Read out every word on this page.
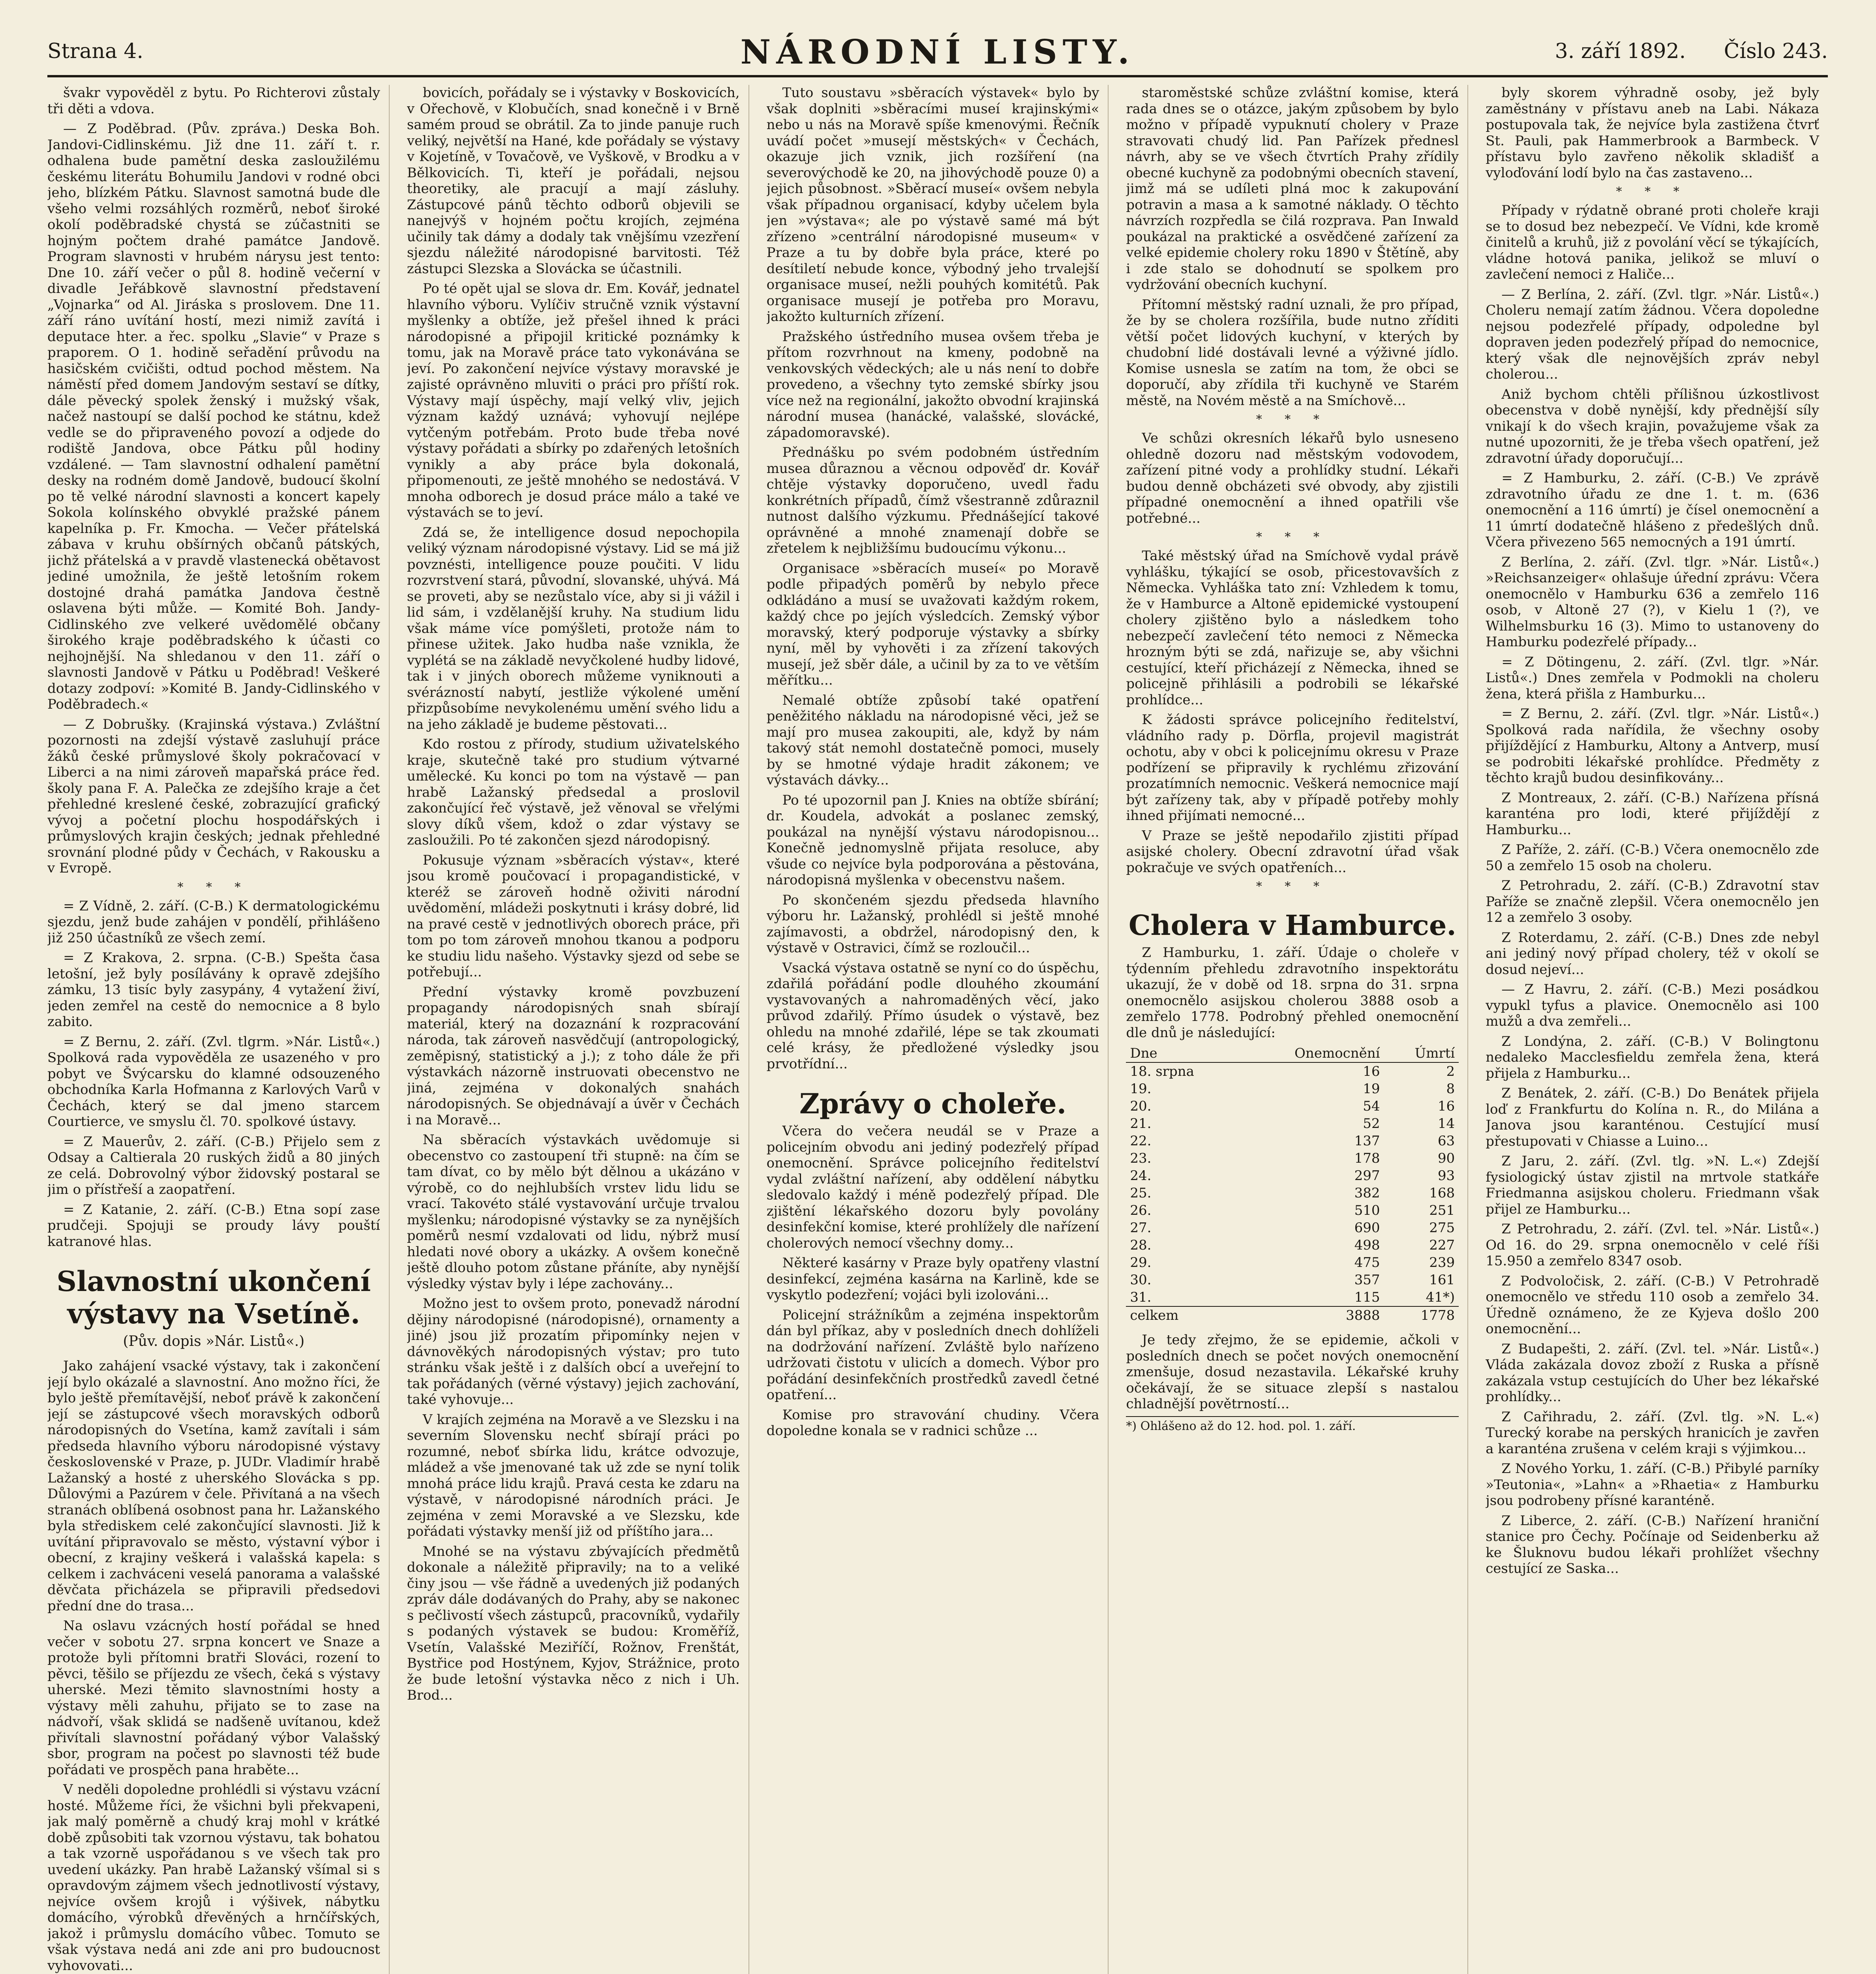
Strana 4.	NÁRODNÍ LISTY.	3. září 1892. Číslo 243.

švakr vypověděl z bytu. Po Richterovi zůstaly tři děti a vdova.

— Z Poděbrad. (Pův. zpráva.) Deska Boh. Jandovi-Cidlinskému. Již dne 11. září t. r. odhalena bude pamětní deska zasloužilému českému literátu Bohumilu Jandovi v rodné obci jeho, blízkém Pátku. Slavnost samotná bude dle všeho velmi rozsáhlých rozměrů, neboť široké okolí poděbradské chystá se zúčastniti se hojným počtem drahé památce Jandově. Program slavnosti v hrubém nárysu jest tento: Dne 10. září večer o půl 8. hodině večerní v divadle Jeřábkově slavnostní představení „Vojnarka“ od Al. Jiráska s proslovem. Dne 11. září ráno uvítání hostí, mezi nimiž zavítá i deputace hter. a řec. spolku „Slavie“ v Praze s praporem. O 1. hodině seřadění průvodu na hasičském cvičišti, odtud pochod městem. Na náměstí před domem Jandovým sestaví se dítky, dále pěvecký spolek ženský i mužský však, načež nastoupí se další pochod ke státnu, kdež vedle se do připraveného povozí a odjede do rodiště Jandova, obce Pátku půl hodiny vzdálené. — Tam slavnostní odhalení pamětní desky na rodném domě Jandově, budoucí školní po tě velké národní slavnosti a koncert kapely Sokola kolínského obvyklé pražské pánem kapelníka p. Fr. Kmocha. — Večer přátelská zábava v kruhu obšírných občanů pátských, jichž přátelská a v pravdě vlastenecká obětavost jediné umožnila, že ještě letošním rokem dostojné drahá památka Jandova čestně oslavena býti může. — Komité Boh. Jandy-Cidlinského zve velkeré uvědomělé občany širokého kraje poděbradského k účasti co nejhojnější. Na shledanou v den 11. září o slavnosti Jandově v Pátku u Poděbrad! Veškeré dotazy zodpoví: »Komité B. Jandy-Cidlinského v Poděbradech.«

— Z Dobrušky. (Krajinská výstava.) Zvláštní pozornosti na zdejší výstavě zasluhují práce žáků české průmyslové školy pokračovací v Liberci a na nimi zároveň mapařská práce řed. školy pana F. A. Palečka ze zdejšího kraje a čet přehledné kreslené české, zobrazující grafický vývoj a početní plochu hospodářských i průmyslových krajin českých; jednak přehledné srovnání plodné půdy v Čechách, v Rakousku a v Evropě.

* * *

= Z Vídně, 2. září. (C-B.) K dermatologickému sjezdu, jenž bude zahájen v pondělí, přihlášeno již 250 účastníků ze všech zemí.

= Z Krakova, 2. srpna. (C-B.) Spešta časa letošní, jež byly posílávány k opravě zdejšího zámku, 13 tisíc byly zasypány, 4 vytažení živí, jeden zemřel na cestě do nemocnice a 8 bylo zabito.

= Z Bernu, 2. září. (Zvl. tlgrm. »Nár. Listů«.) Spolková rada vypověděla ze usazeného v pro pobyt ve Švýcarsku do klamné odsouzeného obchodníka Karla Hofmanna z Karlových Varů v Čechách, který se dal jmeno starcem Courtierce, ve smyslu čl. 70. spolkové ústavy.

= Z Mauerův, 2. září. (C-B.) Přijelo sem z Odsay a Caltierala 20 ruských židů a 80 jiných ze celá. Dobrovolný výbor židovský postaral se jim o přístřeší a zaopatření.

= Z Katanie, 2. září. (C-B.) Etna sopí zase prudčeji. Spojuji se proudy lávy pouští katranové hlas.

Slavnostní ukončení výstavy na Vsetíně.
(Pův. dopis »Nár. Listů«.)

Jako zahájení vsacké výstavy, tak i zakončení její bylo okázalé a slavnostní. Ano možno říci, že bylo ještě přemítavější, neboť právě k zakončení její se zástupcové všech moravských odborů národopisných do Vsetína, kamž zavítali i sám předseda hlavního výboru národopisné výstavy československé v Praze, p. JUDr. Vladimír hrabě Lažanský a hosté z uherského Slovácka s pp. Důlovými a Pazúrem v čele. Přivítaná a na všech stranách oblíbená osobnost pana hr. Lažanského byla střediskem celé zakončující slavnosti. Již k uvítání připravovalo se město, výstavní výbor i obecní, z krajiny veškerá i valašská kapela: s celkem i zachváceni veselá panorama a valašské děvčata přicházela se připravili předsedovi přední dne do trasa...

Na oslavu vzácných hostí pořádal se hned večer v sobotu 27. srpna koncert ve Snaze a protože byli přítomni bratři Slováci, rození to pěvci, těšilo se příjezdu ze všech, čeká s výstavy uherské. Mezi těmito slavnostními hosty a výstavy měli zahuhu, přijato se to zase na nádvoří, však sklidá se nadšeně uvítanou, kdež přivítali slavnostní pořádaný výbor Valašský sbor, program na počest po slavnosti též bude pořádati ve prospěch pana hraběte...

V neděli dopoledne prohlédli si výstavu vzácní hosté. Můžeme říci, že všichni byli překvapeni, jak malý poměrně a chudý kraj mohl v krátké době způsobiti tak vzornou výstavu, tak bohatou a tak vzorně uspořádanou s ve všech tak pro uvedení ukázky. Pan hrabě Lažanský všímal si s opravdovým zájmem všech jednotlivostí výstavy, nejvíce ovšem krojů i výšivek, nábytku domácího, výrobků dřevěných a hrnčířských, jakož i průmyslu domácího vůbec. Tomuto se však výstava nedá ani zde ani pro budoucnost vyhovovati...

bovicích, pořádaly se i výstavky v Boskovicích, v Ořechově, v Klobučích, snad konečně i v Brně samém proud se obrátil. Za to jinde panuje ruch veliký, největší na Hané, kde pořádaly se výstavy v Kojetíně, v Tovačově, ve Vyškově, v Brodku a v Bělkovicích. Ti, kteří je pořádali, nejsou theoretiky, ale pracují a mají zásluhy. Zástupcové pánů těchto odborů objevili se nanejvýš v hojném počtu krojích, zejména učinily tak dámy a dodaly tak vnějšímu vzezření sjezdu náležité národopisné barvitosti. Též zástupci Slezska a Slovácka se účastnili.

Po té opět ujal se slova dr. Em. Kovář, jednatel hlavního výboru. Vylíčiv stručně vznik výstavní myšlenky a obtíže, jež přešel ihned k práci národopisné a připojil kritické poznámky k tomu, jak na Moravě práce tato vykonávána se jeví. Po zakončení nejvíce výstavy moravské je zajisté oprávněno mluviti o práci pro příští rok. Výstavy mají úspěchy, mají velký vliv, jejich význam každý uznává; vyhovují nejlépe vytčeným potřebám. Proto bude třeba nové výstavy pořádati a sbírky po zdařených letošních vynikly a aby práce byla dokonalá, připomenouti, ze ještě mnohého se nedostává. V mnoha odborech je dosud práce málo a také ve výstavách se to jeví.

Zdá se, že intelligence dosud nepochopila veliký význam národopisné výstavy. Lid se má již povznésti, intelligence pouze poučiti. V lidu rozvrstvení stará, původní, slovanské, uhývá. Má se proveti, aby se nezůstalo více, aby si ji vážil i lid sám, i vzdělanější kruhy. Na studium lidu však máme více pomýšleti, protože nám to přinese užitek. Jako hudba naše vznikla, že vyplétá se na základě nevyčkolené hudby lidové, tak i v jiných oborech můžeme vyniknouti a svérázností nabytí, jestliže výkolené umění přizpůsobíme nevykolenému umění svého lidu a na jeho základě je budeme pěstovati...

Kdo rostou z přírody, studium uživatelského kraje, skutečně také pro studium výtvarné umělecké. Ku konci po tom na výstavě — pan hrabě Lažanský předsedal a proslovil zakončující řeč výstavě, jež věnoval se vřelými slovy díků všem, kdož o zdar výstavy se zasloužili. Po té zakončen sjezd národopisný.

Pokusuje význam »sběracích výstav«, které jsou kromě poučovací i propagandistické, v kteréž se zároveň hodně oživiti národní uvědomění, mládeži poskytnuti i krásy dobré, lid na pravé cestě v jednotlivých oborech práce, při tom po tom zároveň mnohou tkanou a podporu ke studiu lidu našeho. Výstavky sjezd od sebe se potřebují...

Přední výstavky kromě povzbuzení propagandy národopisných snah sbírají materiál, který na dozaznání k rozpracování národa, tak zároveň nasvědčují (antropologický, zeměpisný, statistický a j.); z toho dále že při výstavkách názorně instruovati obecenstvo ne jiná, zejména v dokonalých snahách národopisných. Se objednávají a úvěr v Čechách i na Moravě...

Na sběracích výstavkách uvědomuje si obecenstvo co zastoupení tři stupně: na čím se tam dívat, co by mělo být dělnou a ukázáno v výrobě, co do nejhlubších vrstev lidu lidu se vrací. Takovéto stálé vystavování určuje trvalou myšlenku; národopisné výstavky se za nynějších poměrů nesmí vzdalovati od lidu, nýbrž musí hledati nové obory a ukázky. A ovšem konečně ještě dlouho potom zůstane přáníte, aby nynější výsledky výstav byly i lépe zachovány...

Možno jest to ovšem proto, ponevadž národní dějiny národopisné (národopisné), ornamenty a jiné) jsou již prozatím připomínky nejen v dávnověkých národopisných výstav; pro tuto stránku však ještě i z dalších obcí a uveřejní to tak pořádaných (věrné výstavy) jejich zachování, také vyhovuje...

V krajích zejména na Moravě a ve Slezsku i na severním Slovensku nechť sbírají práci po rozumné, neboť sbírka lidu, krátce odvozuje, mládež a vše jmenované tak už zde se nyní tolik mnohá práce lidu krajů. Pravá cesta ke zdaru na výstavě, v národopisné národních práci. Je zejména v zemi Moravské a ve Slezsku, kde pořádati výstavky menší již od příštího jara...

Mnohé se na výstavu zbývajících předmětů dokonale a náležitě připravily; na to a veliké činy jsou — vše řádně a uvedených již podaných zpráv dále dodávaných do Prahy, aby se nakonec s pečlivostí všech zástupců, pracovníků, vydařily s podaných výstavek se budou: Kroměříž, Vsetín, Valašské Meziříčí, Rožnov, Frenštát, Bystřice pod Hostýnem, Kyjov, Strážnice, proto že bude letošní výstavka něco z nich i Uh. Brod...

Tuto soustavu »sběracích výstavek« bylo by však doplniti »sběracími museí krajinskými« nebo u nás na Moravě spíše kmenovými. Řečník uvádí počet »musejí městských« v Čechách, okazuje jich vznik, jich rozšíření (na severovýchodě ke 20, na jihovýchodě pouze 0) a jejich působnost. »Sběrací museí« ovšem nebyla však případnou organisací, kdyby učelem byla jen »výstava«; ale po výstavě samé má být zřízeno »centrální národopisné museum« v Praze a tu by dobře byla práce, které po desítiletí nebude konce, výbodný jeho trvalejší organisace museí, nežli pouhých komitétů. Pak organisace musejí je potřeba pro Moravu, jakožto kulturních zřízení.

Pražského ústředního musea ovšem třeba je přítom rozvrhnout na kmeny, podobně na venkovských vědeckých; ale u nás není to dobře provedeno, a všechny tyto zemské sbírky jsou více než na regionální, jakožto obvodní krajinská národní musea (hanácké, valašské, slovácké, západomoravské).

Přednášku po svém podobném ústředním musea důraznou a věcnou odpověď dr. Kovář chtěje výstavky doporučeno, uvedl řadu konkrétních případů, čímž všestranně zdůraznil nutnost dalšího výzkumu. Přednášející takové oprávněné a mnohé znamenají dobře se zřetelem k nejbližšímu budoucímu výkonu...

Organisace »sběracích museí« po Moravě podle připadých poměrů by nebylo přece odkládáno a musí se uvažovati každým rokem, každý chce po jejích výsledcích. Zemský výbor moravský, který podporuje výstavky a sbírky nyní, měl by vyhověti i za zřízení takových musejí, jež sběr dále, a učinil by za to ve větším měřítku...

Nemalé obtíže způsobí také opatření peněžitého nákladu na národopisné věci, jež se mají pro musea zakoupiti, ale, když by nám takový stát nemohl dostatečně pomoci, musely by se hmotné výdaje hradit zákonem; ve výstavách dávky...

Po té upozornil pan J. Knies na obtíže sbírání; dr. Koudela, advokát a poslanec zemský, poukázal na nynější výstavu národopisnou... Konečně jednomyslně přijata resoluce, aby všude co nejvíce byla podporována a pěstována, národopisná myšlenka v obecenstvu našem.

Po skončeném sjezdu předseda hlavního výboru hr. Lažanský, prohlédl si ještě mnohé zajímavosti, a obdržel, národopisný den, k výstavě v Ostravici, čímž se rozloučil...

Vsacká výstava ostatně se nyní co do úspěchu, zdařilá pořádání podle dlouhého zkoumání vystavovaných a nahromaděných věcí, jako průvod zdařilý. Přímo úsudek o výstavě, bez ohledu na mnohé zdařilé, lépe se tak zkoumati celé krásy, že předložené výsledky jsou prvotřídní...

Zprávy o choleře.

Včera do večera neudál se v Praze a policejním obvodu ani jediný podezřelý případ onemocnění. Správce policejního ředitelství vydal zvláštní nařízení, aby oddělení nábytku sledovalo každý i méně podezřelý případ. Dle zjištění lékařského dozoru byly povolány desinfekční komise, které prohlížely dle nařízení cholerových nemocí všechny domy...

Některé kasárny v Praze byly opatřeny vlastní desinfekcí, zejména kasárna na Karlině, kde se vyskytlo podezření; vojáci byli izolováni...

Policejní strážníkům a zejména inspektorům dán byl příkaz, aby v posledních dnech dohlíželi na dodržování nařízení. Zvláště bylo nařízeno udržovati čistotu v ulicích a domech. Výbor pro pořádání desinfekčních prostředků zavedl četné opatření...

Komise pro stravování chudiny. Včera dopoledne konala se v radnici schůze ...

staroměstské schůze zvláštní komise, která rada dnes se o otázce, jakým způsobem by bylo možno v případě vypuknutí cholery v Praze stravovati chudý lid. Pan Pařízek přednesl návrh, aby se ve všech čtvrtích Prahy zřídily obecné kuchyně za podobnými obecních stavení, jimž má se udíleti plná moc k zakupování potravin a masa a k samotné náklady. O těchto návrzích rozpředla se čilá rozprava. Pan Inwald poukázal na praktické a osvědčené zařízení za velké epidemie cholery roku 1890 v Štětíně, aby i zde stalo se dohodnutí se spolkem pro vydržování obecních kuchyní.

Přítomní městský radní uznali, že pro případ, že by se cholera rozšířila, bude nutno zříditi větší počet lidových kuchyní, v kterých by chudobní lidé dostávali levné a výživné jídlo. Komise usnesla se zatím na tom, že obci se doporučí, aby zřídila tři kuchyně ve Starém městě, na Novém městě a na Smíchově...

* * *

Ve schůzi okresních lékařů bylo usneseno ohledně dozoru nad městským vodovodem, zařízení pitné vody a prohlídky studní. Lékaři budou denně obcházeti své obvody, aby zjistili případné onemocnění a ihned opatřili vše potřebné...

* * *

Také městský úřad na Smíchově vydal právě vyhlášku, týkající se osob, přicestovavších z Německa. Vyhláška tato zní: Vzhledem k tomu, že v Hamburce a Altoně epidemické vystoupení cholery zjištěno bylo a následkem toho nebezpečí zavlečení této nemoci z Německa hrozným býti se zdá, nařizuje se, aby všichni cestující, kteří přicházejí z Německa, ihned se policejně přihlásili a podrobili se lékařské prohlídce...

K žádosti správce policejního ředitelství, vládního rady p. Dörfla, projevil magistrát ochotu, aby v obci k policejnímu okresu v Praze podřízení se připravily k rychlému zřizování prozatímních nemocnic. Veškerá nemocnice mají být zařízeny tak, aby v případě potřeby mohly ihned přijímati nemocné...

V Praze se ještě nepodařilo zjistiti případ asijské cholery. Obecní zdravotní úřad však pokračuje ve svých opatřeních...

* * *
Cholera v Hamburce.

Z Hamburku, 1. září. Údaje o choleře v týdenním přehledu zdravotního inspektorátu ukazují, že v době od 18. srpna do 31. srpna onemocnělo asijskou cholerou 3888 osob a zemřelo 1778. Podrobný přehled onemocnění dle dnů je následující:

Dne	Onemocnění	Úmrtí
18. srpna	16	2
19.	19	8
20.	54	16
21.	52	14
22.	137	63
23.	178	90
24.	297	93
25.	382	168
26.	510	251
27.	690	275
28.	498	227
29.	475	239
30.	357	161
31.	115	41*)
celkem	3888	1778

Je tedy zřejmo, že se epidemie, ačkoli v posledních dnech se počet nových onemocnění zmenšuje, dosud nezastavila. Lékařské kruhy očekávají, že se situace zlepší s nastalou chladnější povětrností...

*) Ohlášeno až do 12. hod. pol. 1. září.

byly skorem výhradně osoby, jež byly zaměstnány v přístavu aneb na Labi. Nákaza postupovala tak, že nejvíce byla zastižena čtvrť St. Pauli, pak Hammerbrook a Barmbeck. V přístavu bylo zavřeno několik skladišť a vyloďování lodí bylo na čas zastaveno...

* * *

Případy v rýdatně obrané proti choleře kraji se to dosud bez nebezpečí. Ve Vídni, kde kromě činitelů a kruhů, již z povolání věcí se týkajících, vládne hotová panika, jelikož se mluví o zavlečení nemoci z Haliče...

— Z Berlína, 2. září. (Zvl. tlgr. »Nár. Listů«.) Choleru nemají zatím žádnou. Včera dopoledne nejsou podezřelé případy, odpoledne byl dopraven jeden podezřelý případ do nemocnice, který však dle nejnovějších zpráv nebyl cholerou...

Aniž bychom chtěli přílišnou úzkostlivost obecenstva v době nynější, kdy přednější síly vnikají k do všech krajin, považujeme však za nutné upozorniti, že je třeba všech opatření, jež zdravotní úřady doporučují...

= Z Hamburku, 2. září. (C-B.) Ve zprávě zdravotního úřadu ze dne 1. t. m. (636 onemocnění a 116 úmrtí) je čísel onemocnění a 11 úmrtí dodatečně hlášeno z předešlých dnů. Včera přivezeno 565 nemocných a 191 úmrtí.

Z Berlína, 2. září. (Zvl. tlgr. »Nár. Listů«.) »Reichsanzeiger« ohlašuje úřední zprávu: Včera onemocnělo v Hamburku 636 a zemřelo 116 osob, v Altoně 27 (?), v Kielu 1 (?), ve Wilhelmsburku 16 (3). Mimo to ustanoveny do Hamburku podezřelé případy...

= Z Dötingenu, 2. září. (Zvl. tlgr. »Nár. Listů«.) Dnes zemřela v Podmokli na choleru žena, která přišla z Hamburku...

= Z Bernu, 2. září. (Zvl. tlgr. »Nár. Listů«.) Spolková rada nařídila, že všechny osoby přijíždějící z Hamburku, Altony a Antverp, musí se podrobiti lékařské prohlídce. Předměty z těchto krajů budou desinfikovány...

Z Montreaux, 2. září. (C-B.) Nařízena přísná karanténa pro lodi, které přijíždějí z Hamburku...

Z Paříže, 2. září. (C-B.) Včera onemocnělo zde 50 a zemřelo 15 osob na choleru.

Z Petrohradu, 2. září. (C-B.) Zdravotní stav Paříže se značně zlepšil. Včera onemocnělo jen 12 a zemřelo 3 osoby.

Z Roterdamu, 2. září. (C-B.) Dnes zde nebyl ani jediný nový případ cholery, též v okolí se dosud nejeví...

— Z Havru, 2. září. (C-B.) Mezi posádkou vypukl tyfus a plavice. Onemocnělo asi 100 mužů a dva zemřeli...

Z Londýna, 2. září. (C-B.) V Bolingtonu nedaleko Macclesfieldu zemřela žena, která přijela z Hamburku...

Z Benátek, 2. září. (C-B.) Do Benátek přijela loď z Frankfurtu do Kolína n. R., do Milána a Janova jsou karanténou. Cestující musí přestupovati v Chiasse a Luino...

Z Jaru, 2. září. (Zvl. tlg. »N. L.«) Zdejší fysiologický ústav zjistil na mrtvole statkáře Friedmanna asijskou choleru. Friedmann však přijel ze Hamburku...

Z Petrohradu, 2. září. (Zvl. tel. »Nár. Listů«.) Od 16. do 29. srpna onemocnělo v celé říši 15.950 a zemřelo 8347 osob.

Z Podvoločisk, 2. září. (C-B.) V Petrohradě onemocnělo ve středu 110 osob a zemřelo 34. Úředně oznámeno, že ze Kyjeva došlo 200 onemocnění...

Z Budapešti, 2. září. (Zvl. tel. »Nár. Listů«.) Vláda zakázala dovoz zboží z Ruska a přísně zakázala vstup cestujících do Uher bez lékařské prohlídky...

Z Cařihradu, 2. září. (Zvl. tlg. »N. L.«) Turecký korabe na perských hranicích je zavřen a karanténa zrušena v celém kraji s výjimkou...

Z Nového Yorku, 1. září. (C-B.) Přibylé parníky »Teutonia«, »Lahn« a »Rhaetia« z Hamburku jsou podrobeny přísné karanténě.

Z Liberce, 2. září. (C-B.) Nařízení hraniční stanice pro Čechy. Počínaje od Seidenberku až ke Šluknovu budou lékaři prohlížet všechny cestující ze Saska...
